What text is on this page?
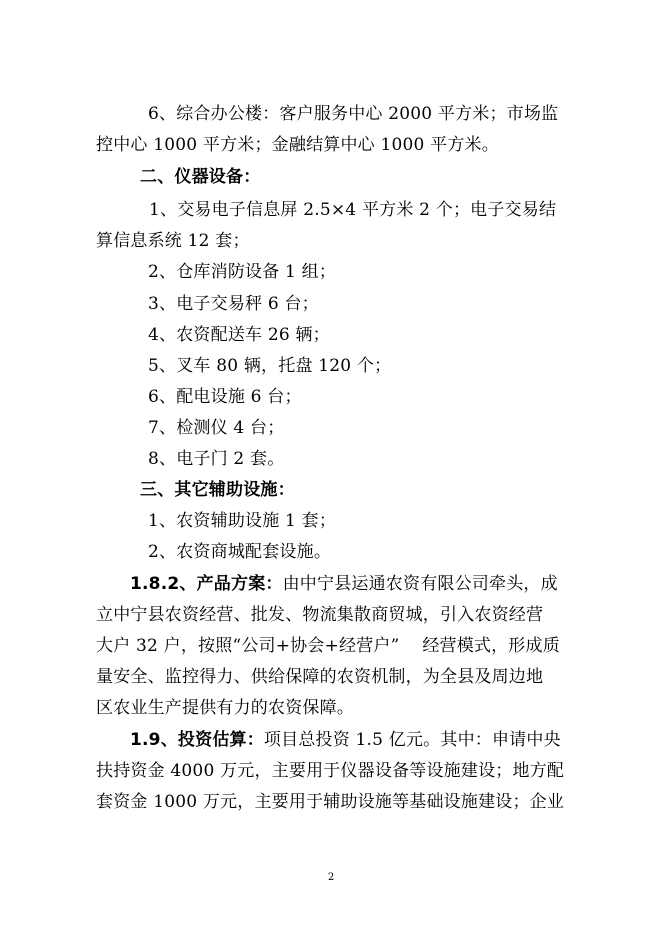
6、综合办公楼：客户服务中心 2000 平方米；市场监
控中心 1000 平方米；金融结算中心 1000 平方米。
二、仪器设备：
1、交易电子信息屏 2.5×4 平方米 2 个；电子交易结
算信息系统 12 套；
2、仓库消防设备 1 组；
3、电子交易秤 6 台；
4、农资配送车 26 辆；
5、叉车 80 辆，托盘 120 个；
6、配电设施 6 台；
7、检测仪 4 台；
8、电子门 2 套。
三、其它辅助设施：
1、农资辅助设施 1 套；
2、农资商城配套设施。
1.8.2、产品方案：由中宁县运通农资有限公司牵头，成
立中宁县农资经营、批发、物流集散商贸城，引入农资经营
大户 32 户，按照“公司+协会+经营户”　 经营模式，形成质
量安全、监控得力、供给保障的农资机制，为全县及周边地
区农业生产提供有力的农资保障。
1.9、投资估算：项目总投资 1.5 亿元。其中：申请中央
扶持资金 4000 万元，主要用于仪器设备等设施建设；地方配
套资金 1000 万元，主要用于辅助设施等基础设施建设；企业
2
